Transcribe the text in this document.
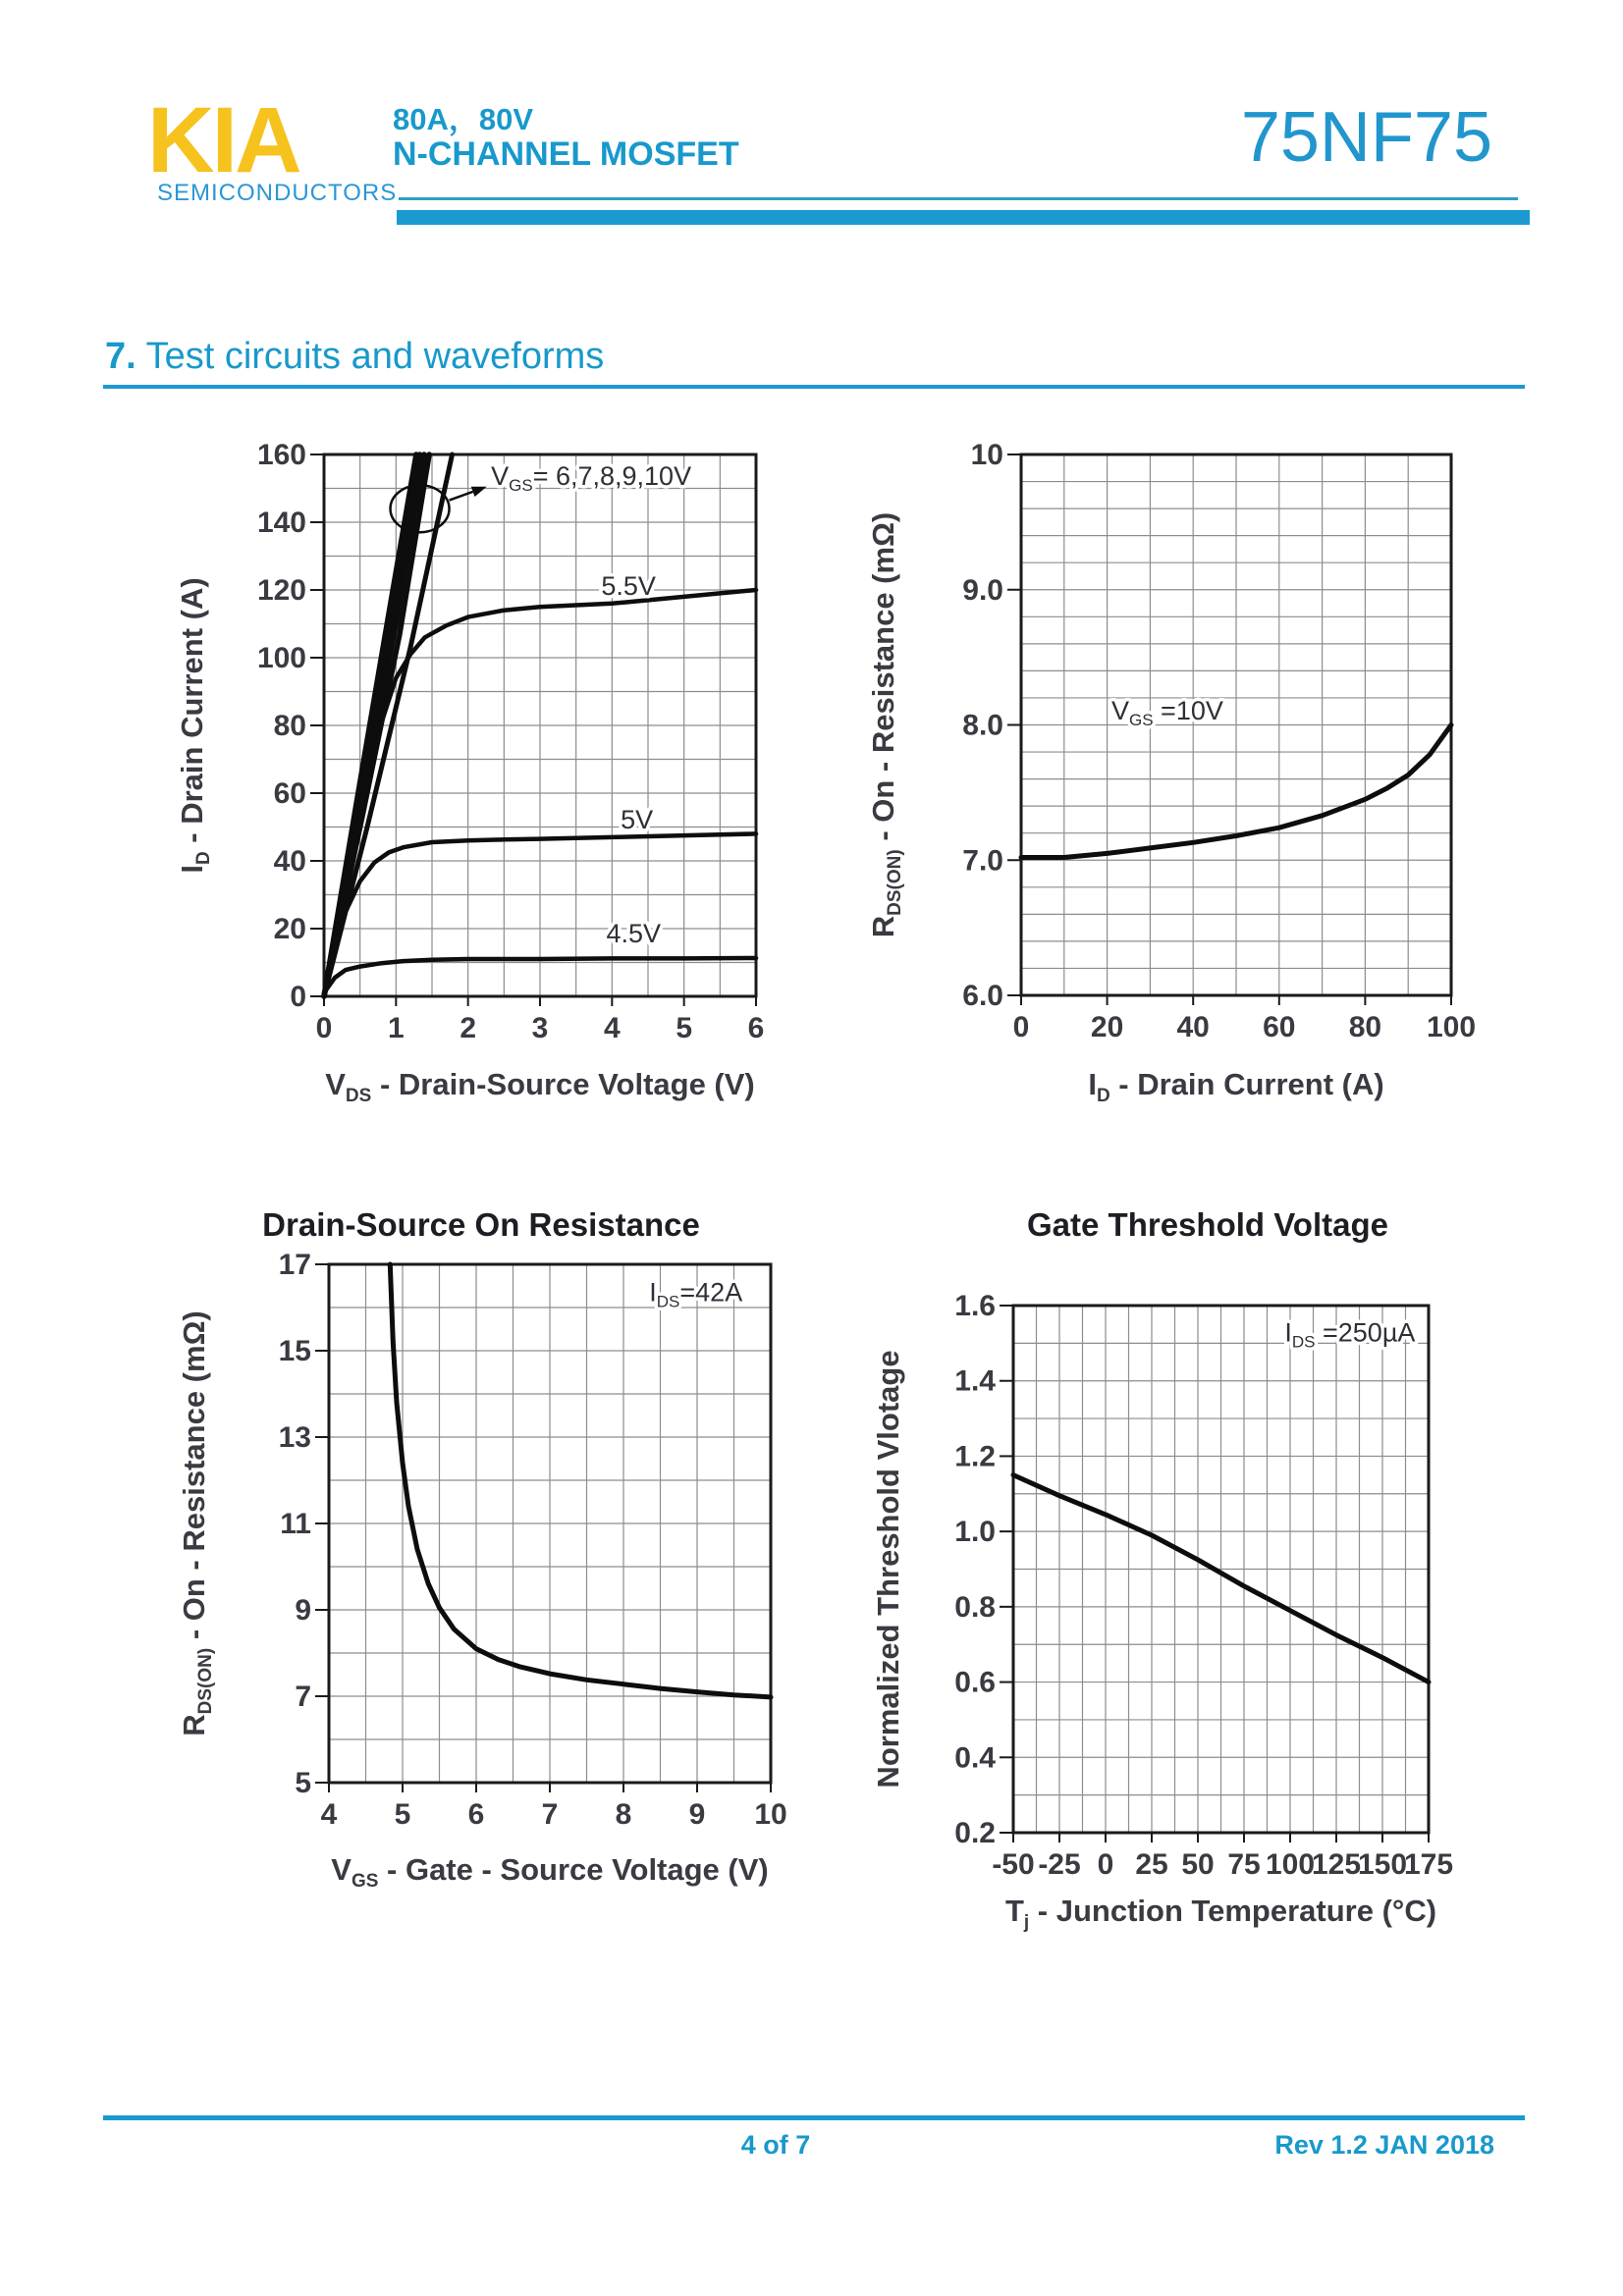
KIA
SEMICONDUCTORS
80A，80V
N-CHANNEL MOSFET	75NF75
7. Test circuits and waveforms
0 1 2 3 4 5 6
0
20
40
60
80
100
120
140
160
$V_{GS}= 6,7,8,9,10V$
5.5V
5V
4.5V
$I_D$ - Drain Current (A)
$V_{DS}$ - Drain-Source Voltage (V)
0 20 40 60 80 100
6.0
7.0
8.0
9.0
10
$V_{GS} =10V$
$R_{DS(ON)}$ - On - Resistance (mΩ)
$I_D$ - Drain Current (A)
4 5 6 7 8 9 10
5
7
9
11
13
15
17
$I_{DS}=42A$
$R_{DS(ON)}$ - On - Resistance (mΩ)
$V_{GS}$ - Gate - Source Voltage (V)
Drain-Source On Resistance
-50 -25 0 25 50 75 100
125
150
175
0.2
0.4
0.6
0.8
1.0
1.2
1.4
1.6
$I_{DS} =250\mu A$
Normalized Threshold Vlotage
$T_j$ - Junction Temperature (°C)
Gate Threshold Voltage
4 of 7	Rev 1.2 JAN 2018
